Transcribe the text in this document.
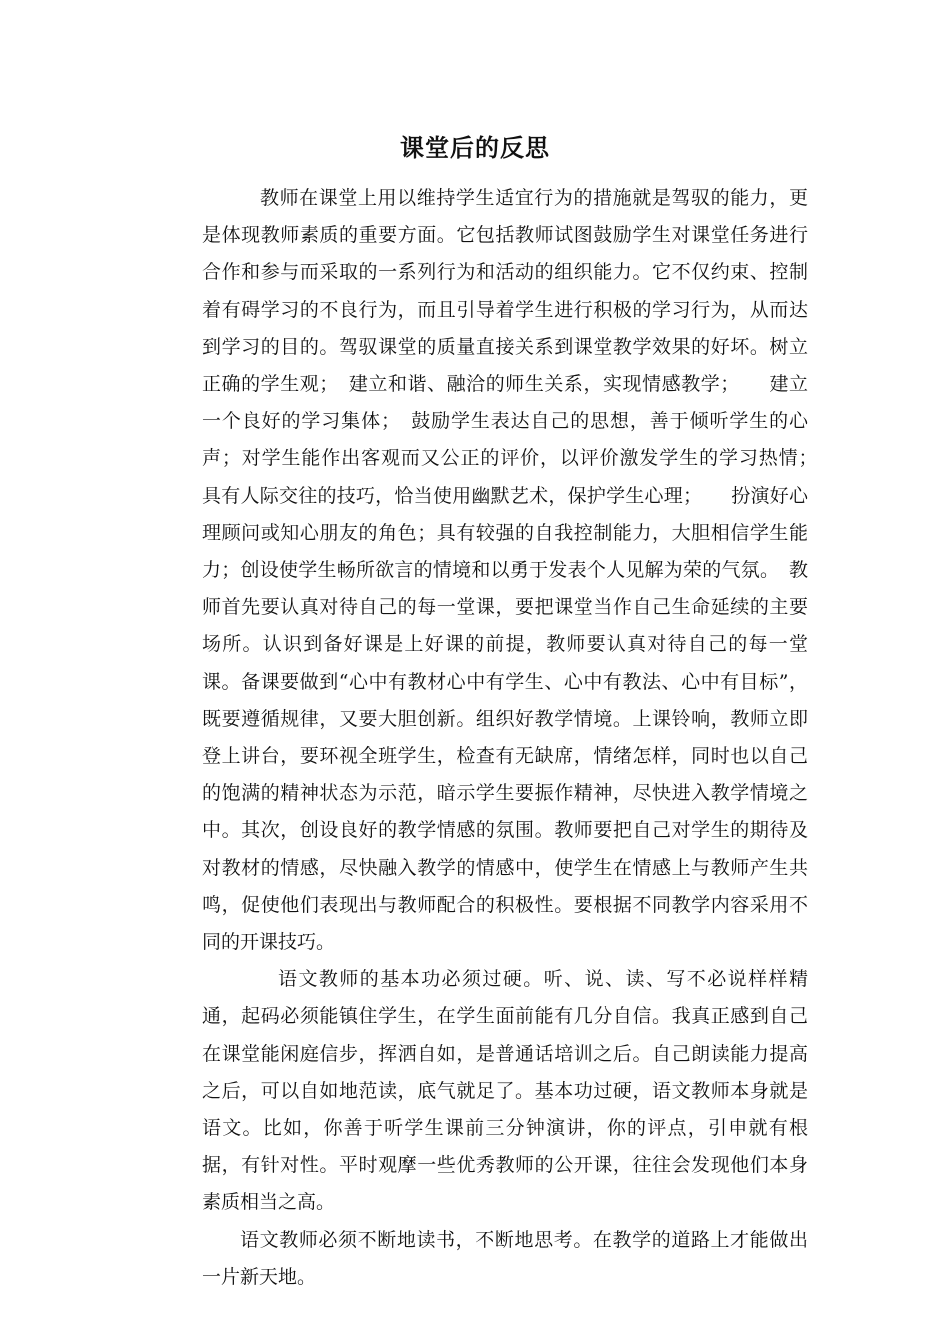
课堂后的反思

教师在课堂上用以维持学生适宜行为的措施就是驾驭的能力，更是体现教师素质的重要方面。它包括教师试图鼓励学生对课堂任务进行合作和参与而采取的一系列行为和活动的组织能力。它不仅约束、控制着有碍学习的不良行为，而且引导着学生进行积极的学习行为，从而达到学习的目的。驾驭课堂的质量直接关系到课堂教学效果的好坏。树立正确的学生观；　建立和谐、融洽的师生关系，实现情感教学；　　建立一个良好的学习集体；　鼓励学生表达自己的思想，善于倾听学生的心声；对学生能作出客观而又公正的评价，以评价激发学生的学习热情；　　具有人际交往的技巧，恰当使用幽默艺术，保护学生心理；　　扮演好心理顾问或知心朋友的角色；具有较强的自我控制能力，大胆相信学生能力；创设使学生畅所欲言的情境和以勇于发表个人见解为荣的气氛。　教师首先要认真对待自己的每一堂课，要把课堂当作自己生命延续的主要场所。认识到备好课是上好课的前提，教师要认真对待自己的每一堂课。备课要做到“心中有教材心中有学生、心中有教法、心中有目标”，既要遵循规律，又要大胆创新。组织好教学情境。上课铃响，教师立即登上讲台，要环视全班学生，检查有无缺席，情绪怎样，同时也以自己的饱满的精神状态为示范，暗示学生要振作精神，尽快进入教学情境之中。其次，创设良好的教学情感的氛围。教师要把自己对学生的期待及对教材的情感，尽快融入教学的情感中，使学生在情感上与教师产生共鸣，促使他们表现出与教师配合的积极性。要根据不同教学内容采用不同的开课技巧。

语文教师的基本功必须过硬。听、说、读、写不必说样样精通，起码必须能镇住学生，在学生面前能有几分自信。我真正感到自己在课堂能闲庭信步，挥洒自如，是普通话培训之后。自己朗读能力提高之后，可以自如地范读，底气就足了。基本功过硬，语文教师本身就是语文。比如，你善于听学生课前三分钟演讲，你的评点，引申就有根据，有针对性。平时观摩一些优秀教师的公开课，往往会发现他们本身素质相当之高。

语文教师必须不断地读书，不断地思考。在教学的道路上才能做出一片新天地。
